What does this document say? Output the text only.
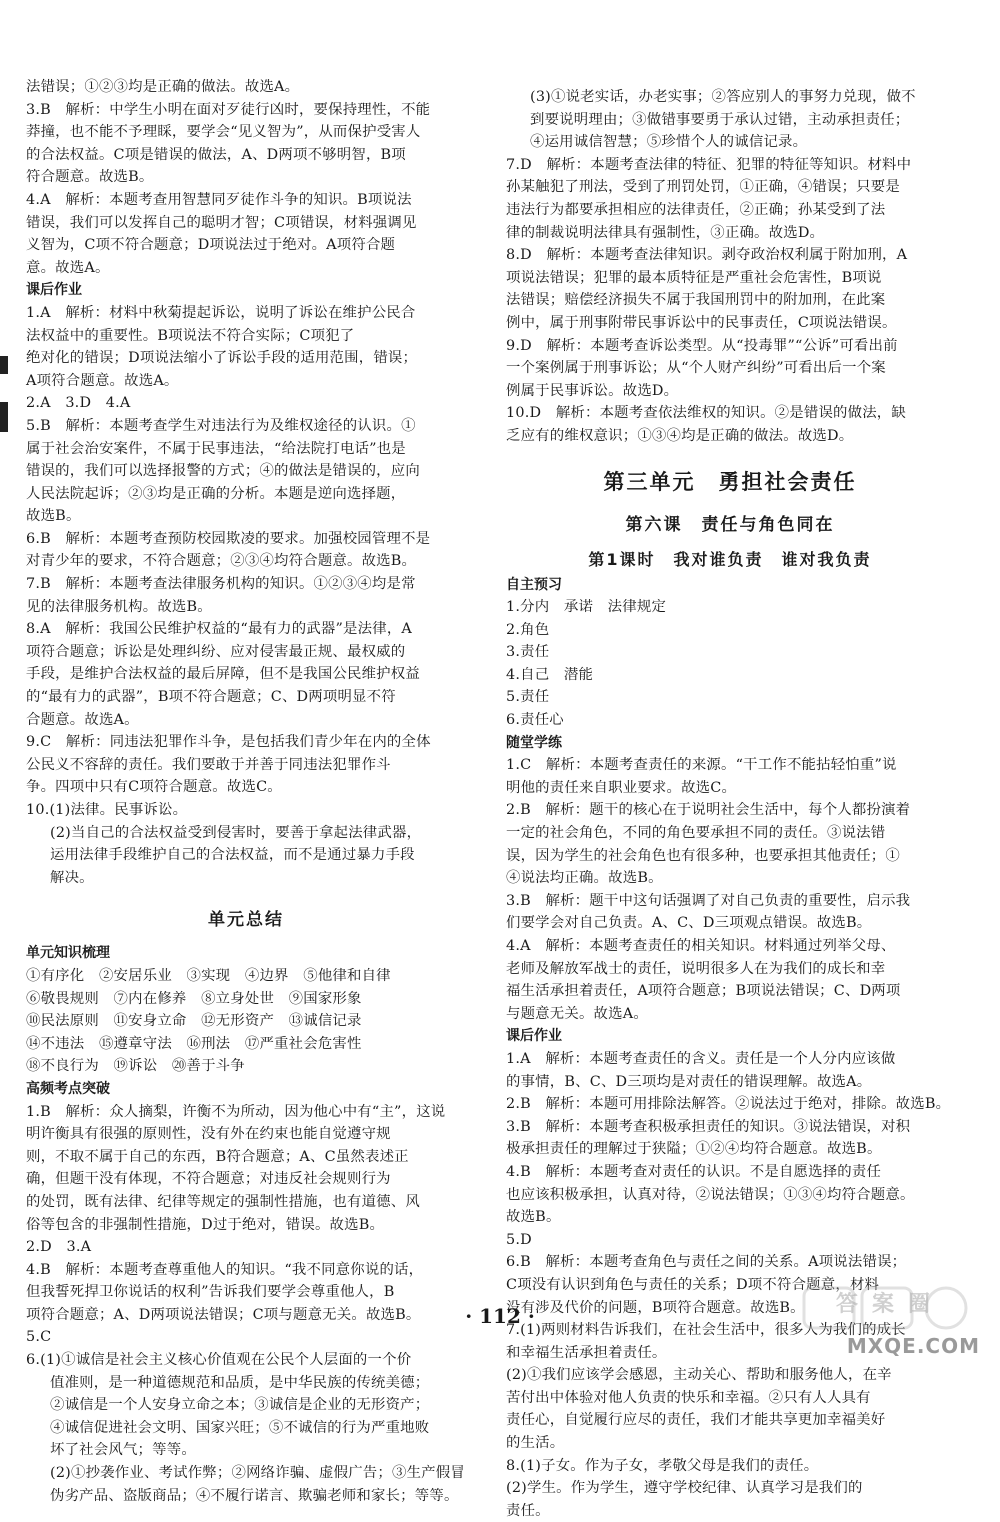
法错误；①②③均是正确的做法。故选A。
3.B　解析：中学生小明在面对歹徒行凶时，要保持理性，不能
莽撞，也不能不予理睬，要学会“见义智为”，从而保护受害人
的合法权益。C项是错误的做法，A、D两项不够明智，B项
符合题意。故选B。
4.A　解析：本题考查用智慧同歹徒作斗争的知识。B项说法
错误，我们可以发挥自己的聪明才智；C项错误，材料强调见
义智为，C项不符合题意；D项说法过于绝对。A项符合题
意。故选A。
课后作业
1.A　解析：材料中秋菊提起诉讼，说明了诉讼在维护公民合
法权益中的重要性。B项说法不符合实际；C项犯了
绝对化的错误；D项说法缩小了诉讼手段的适用范围，错误；
A项符合题意。故选A。
2.A　3.D　4.A
5.B　解析：本题考查学生对违法行为及维权途径的认识。①
属于社会治安案件，不属于民事违法，“给法院打电话”也是
错误的，我们可以选择报警的方式；④的做法是错误的，应向
人民法院起诉；②③均是正确的分析。本题是逆向选择题，
故选B。
6.B　解析：本题考查预防校园欺凌的要求。加强校园管理不是
对青少年的要求，不符合题意；②③④均符合题意。故选B。
7.B　解析：本题考查法律服务机构的知识。①②③④均是常
见的法律服务机构。故选B。
8.A　解析：我国公民维护权益的“最有力的武器”是法律，A
项符合题意；诉讼是处理纠纷、应对侵害最正规、最权威的
手段，是维护合法权益的最后屏障，但不是我国公民维护权益
的“最有力的武器”，B项不符合题意；C、D两项明显不符
合题意。故选A。
9.C　解析：同违法犯罪作斗争，是包括我们青少年在内的全体
公民义不容辞的责任。我们要敢于并善于同违法犯罪作斗
争。四项中只有C项符合题意。故选C。
10.(1)法律。民事诉讼。
(2)当自己的合法权益受到侵害时，要善于拿起法律武器，
运用法律手段维护自己的合法权益，而不是通过暴力手段
解决。
单元总结
单元知识梳理
①有序化　②安居乐业　③实现　④边界　⑤他律和自律
⑥敬畏规则　⑦内在修养　⑧立身处世　⑨国家形象
⑩民法原则　⑪安身立命　⑫无形资产　⑬诚信记录
⑭不违法　⑮遵章守法　⑯刑法　⑰严重社会危害性
⑱不良行为　⑲诉讼　⑳善于斗争
高频考点突破
1.B　解析：众人摘梨，许衡不为所动，因为他心中有“主”，这说
明许衡具有很强的原则性，没有外在约束也能自觉遵守规
则，不取不属于自己的东西，B符合题意；A、C虽然表述正
确，但题干没有体现，不符合题意；对违反社会规则行为
的处罚，既有法律、纪律等规定的强制性措施，也有道德、风
俗等包含的非强制性措施，D过于绝对，错误。故选B。
2.D　3.A
4.B　解析：本题考查尊重他人的知识。“我不同意你说的话，
但我誓死捍卫你说话的权利”告诉我们要学会尊重他人，B
项符合题意；A、D两项说法错误；C项与题意无关。故选B。
5.C
6.(1)①诚信是社会主义核心价值观在公民个人层面的一个价
值准则，是一种道德规范和品质，是中华民族的传统美德；
②诚信是一个人安身立命之本；③诚信是企业的无形资产；
④诚信促进社会文明、国家兴旺；⑤不诚信的行为严重地败
坏了社会风气；等等。
(2)①抄袭作业、考试作弊；②网络诈骗、虚假广告；③生产假冒
伪劣产品、盗版商品；④不履行诺言、欺骗老师和家长；等等。
(3)①说老实话，办老实事；②答应别人的事努力兑现，做不
到要说明理由；③做错事要勇于承认过错，主动承担责任；
④运用诚信智慧；⑤珍惜个人的诚信记录。
7.D　解析：本题考查法律的特征、犯罪的特征等知识。材料中
孙某触犯了刑法，受到了刑罚处罚，①正确，④错误；只要是
违法行为都要承担相应的法律责任，②正确；孙某受到了法
律的制裁说明法律具有强制性，③正确。故选D。
8.D　解析：本题考查法律知识。剥夺政治权利属于附加刑，A
项说法错误；犯罪的最本质特征是严重社会危害性，B项说
法错误；赔偿经济损失不属于我国刑罚中的附加刑，在此案
例中，属于刑事附带民事诉讼中的民事责任，C项说法错误。
9.D　解析：本题考查诉讼类型。从“投毒罪”“公诉”可看出前
一个案例属于刑事诉讼；从“个人财产纠纷”可看出后一个案
例属于民事诉讼。故选D。
10.D　解析：本题考查依法维权的知识。②是错误的做法，缺
乏应有的维权意识；①③④均是正确的做法。故选D。
第三单元　勇担社会责任
第六课　责任与角色同在
第1课时　我对谁负责　谁对我负责
自主预习
1.分内　承诺　法律规定
2.角色
3.责任
4.自己　潜能
5.责任
6.责任心
随堂学练
1.C　解析：本题考查责任的来源。“干工作不能拈轻怕重”说
明他的责任来自职业要求。故选C。
2.B　解析：题干的核心在于说明社会生活中，每个人都扮演着
一定的社会角色，不同的角色要承担不同的责任。③说法错
误，因为学生的社会角色也有很多种，也要承担其他责任；①
④说法均正确。故选B。
3.B　解析：题干中这句话强调了对自己负责的重要性，启示我
们要学会对自己负责。A、C、D三项观点错误。故选B。
4.A　解析：本题考查责任的相关知识。材料通过列举父母、
老师及解放军战士的责任，说明很多人在为我们的成长和幸
福生活承担着责任，A项符合题意；B项说法错误；C、D两项
与题意无关。故选A。
课后作业
1.A　解析：本题考查责任的含义。责任是一个人分内应该做
的事情，B、C、D三项均是对责任的错误理解。故选A。
2.B　解析：本题可用排除法解答。②说法过于绝对，排除。故选B。
3.B　解析：本题考查积极承担责任的知识。③说法错误，对积
极承担责任的理解过于狭隘；①②④均符合题意。故选B。
4.B　解析：本题考查对责任的认识。不是自愿选择的责任
也应该积极承担，认真对待，②说法错误；①③④均符合题意。
故选B。
5.D
6.B　解析：本题考查角色与责任之间的关系。A项说法错误；
C项没有认识到角色与责任的关系；D项不符合题意，材料
没有涉及代价的问题，B项符合题意。故选B。
7.(1)两则材料告诉我们，在社会生活中，很多人为我们的成长
和幸福生活承担着责任。
(2)①我们应该学会感恩，主动关心、帮助和服务他人，在辛
苦付出中体验对他人负责的快乐和幸福。②只有人人具有
责任心，自觉履行应尽的责任，我们才能共享更加幸福美好
的生活。
8.(1)子女。作为子女，孝敬父母是我们的责任。
(2)学生。作为学生，遵守学校纪律、认真学习是我们的
责任。
· 112 ·	答案圈
MXQE.COM
